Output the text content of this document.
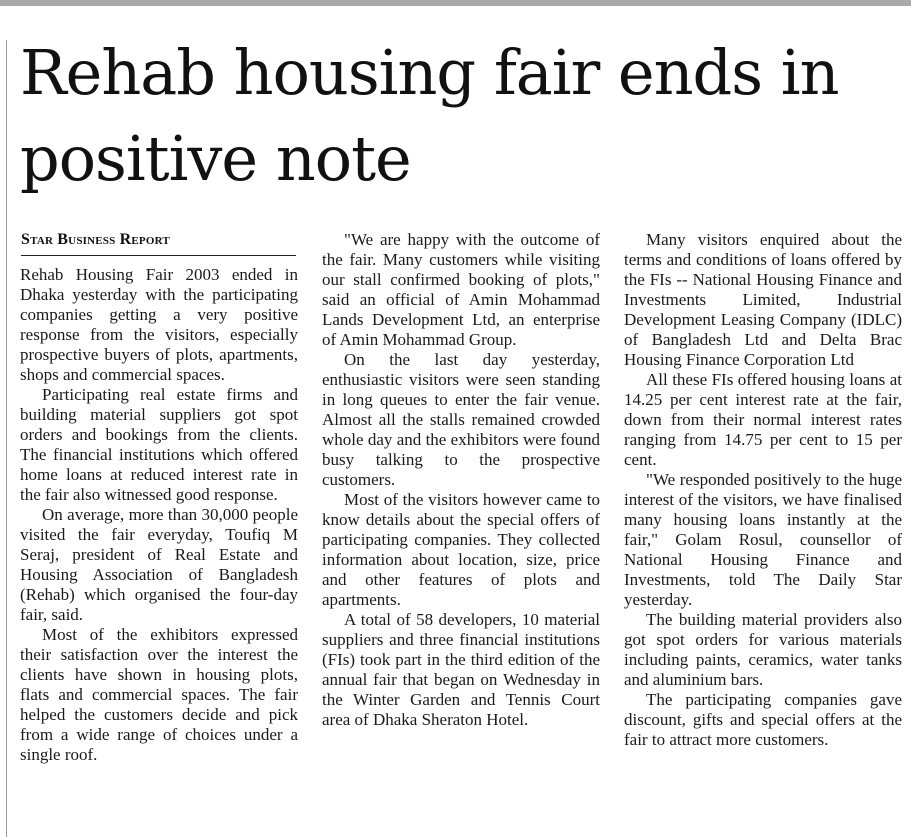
Rehab housing fair ends in positive note
Star Business Report

Rehab Housing Fair 2003 ended in Dhaka yesterday with the participating companies getting a very positive response from the visitors, especially prospective buyers of plots, apartments, shops and commercial spaces.

Participating real estate firms and building material suppliers got spot orders and bookings from the clients. The financial institutions which offered home loans at reduced interest rate in the fair also witnessed good response.

On average, more than 30,000 people visited the fair everyday, Toufiq M Seraj, president of Real Estate and Housing Association of Bangladesh (Rehab) which organised the four-day fair, said.

Most of the exhibitors expressed their satisfaction over the interest the clients have shown in housing plots, flats and commercial spaces. The fair helped the customers decide and pick from a wide range of choices under a single roof.

"We are happy with the outcome of the fair. Many customers while visiting our stall confirmed booking of plots," said an official of Amin Mohammad Lands Development Ltd, an enterprise of Amin Mohammad Group.

On the last day yesterday, enthusiastic visitors were seen standing in long queues to enter the fair venue. Almost all the stalls remained crowded whole day and the exhibitors were found busy talking to the prospective customers.

Most of the visitors however came to know details about the special offers of participating companies. They collected information about location, size, price and other features of plots and apartments.

A total of 58 developers, 10 material suppliers and three financial institutions (FIs) took part in the third edition of the annual fair that began on Wednesday in the Winter Garden and Tennis Court area of Dhaka Sheraton Hotel.

Many visitors enquired about the terms and conditions of loans offered by the FIs -- National Housing Finance and Investments Limited, Industrial Development Leasing Company (IDLC) of Bangladesh Ltd and Delta Brac Housing Finance Corporation Ltd

All these FIs offered housing loans at 14.25 per cent interest rate at the fair, down from their normal interest rates ranging from 14.75 per cent to 15 per cent.

"We responded positively to the huge interest of the visitors, we have finalised many housing loans instantly at the fair," Golam Rosul, counsellor of National Housing Finance and Investments, told The Daily Star yesterday.

The building material providers also got spot orders for various materials including paints, ceramics, water tanks and aluminium bars.

The participating companies gave discount, gifts and special offers at the fair to attract more customers.
